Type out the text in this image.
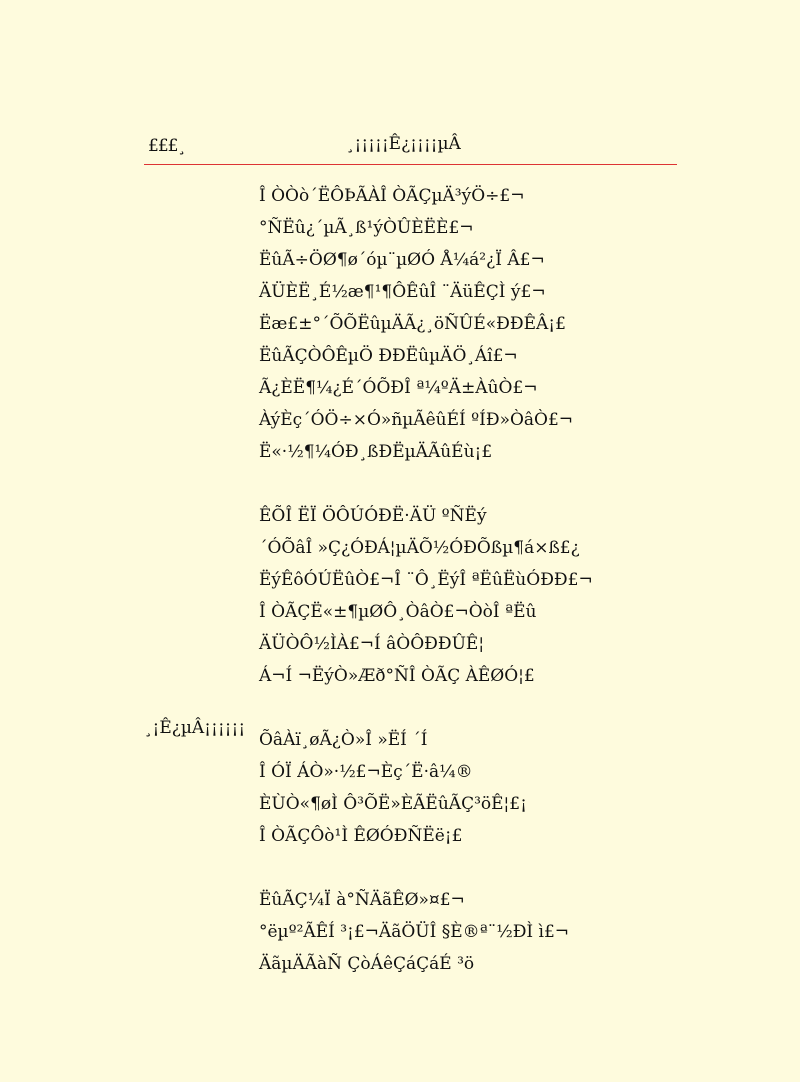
£££¸	¸¡¡¡¡¡Ê¿¡¡¡¡µÂ
Î ÒÒò´ËÔÞÃÀÎ ÒÃÇµÄ³ýÖ÷£¬
°ÑËû¿´µÃ¸ß¹ýÒÛÈËÈ£¬
ËûÃ÷ÖØ¶ø´óµ¨µØÓ Å¼á²¿Ï Â£¬
ÄÜÈË¸É½æ¶¹¶ÔÊûÎ ¨ÄüÊÇÌ ý£¬
Ëæ£±°´ÕÕËûµÄÃ¿¸öÑÛÉ«ÐÐÊÂ¡£
ËûÃÇÒÔÊµÖ ÐÐËûµÄÖ¸Áî£¬
Ã¿ÈË¶¼¿É´ÓÕÐÎ ª¼ºÄ±ÀûÒ£¬
ÀýÈç´ÓÖ÷×Ó»ñµÃêûÉÍ ºÍÐ»ÒâÒ£¬
Ë«·½¶¼ÓÐ¸ßÐËµÄÃûÉù¡£
ÊÕÎ ËÏ ÖÔÚÓÐË·ÄÜ ºÑËý
´ÓÕâÎ »Ç¿ÓÐÁ¦µÄÕ½ÓÐÕßµ¶á×ß£¿
ËýÊôÓÚËûÒ£¬Î ¨Ô¸ËýÎ ªËûËùÓÐÐ£¬
Î ÒÃÇË«±¶µØÔ¸ÒâÒ£¬ÒòÎ ªËû
ÄÜÒÔ½ÌÀ£¬Í âÒÔÐÐÛÊ¦
Á¬Í ¬ËýÒ»Æð°ÑÎ ÒÃÇ ÀÊØÓ¦£
ÕâÀï¸øÃ¿Ò»Î »ËÍ ´Í
Î ÓÏ ÁÒ»·½£¬Èç´Ë·â¼®
ÈÙÒ«¶øÌ Ô³ÕË»ÈÃËûÃÇ³öÊ¦£¡
Î ÒÃÇÔò¹Ì ÊØÓÐÑËë¡£
ËûÃÇ¼Ï à°ÑÄãÊØ»¤£¬
°ëµº²ÃÊÍ ³¡£¬ÄãÖÜÎ §È®ª¨½ÐÌ ì£¬
ÄãµÄÃàÑ ÇòÁêÇáÇáÉ ³ö
¸¡Ê¿µÂ¡¡¡¡¡¡
